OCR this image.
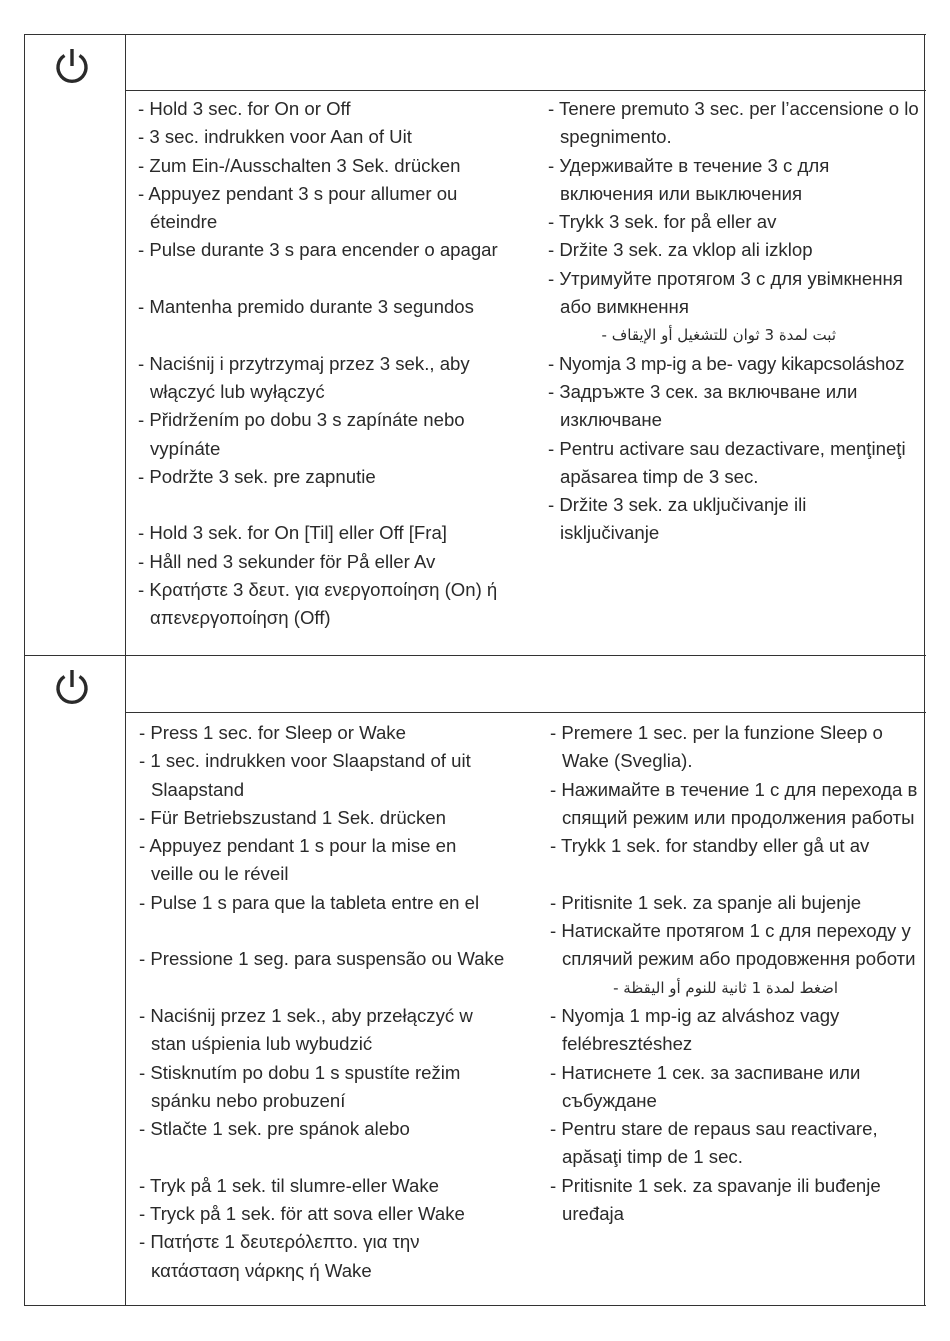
- Hold 3 sec. for On or Off
- 3 sec. indrukken voor Aan of Uit
- Zum Ein-/Ausschalten 3 Sek. drücken
- Appuyez pendant 3 s pour allumer ou éteindre
- Pulse durante 3 s para encender o apagar
- Mantenha premido durante 3 segundos
- Naciśnij i przytrzymaj przez 3 sek., aby włączyć lub wyłączyć
- Přidržením po dobu 3 s zapínáte nebo vypínáte
- Podržte 3 sek. pre zapnutie
- Hold 3 sek. for On [Til] eller Off [Fra]
- Håll ned 3 sekunder för På eller Av
- Κρατήστε 3 δευτ. για ενεργοποίηση (On) ή απενεργοποίηση (Off)
- Tenere premuto 3 sec. per l’accensione o lo spegnimento.
- Удерживайте в течение 3 с для включения или выключения
- Trykk 3 sek. for på eller av
- Držite 3 sek. za vklop ali izklop
- Утримуйте протягом 3 с для увімкнення або вимкнення
ثبت لمدة 3 ثوان للتشغيل أو الإيقاف -
- Nyomja 3 mp-ig a be- vagy kikapcsoláshoz
- Задръжте 3 сек. за включване или изключване
- Pentru activare sau dezactivare, menţineţi apăsarea timp de 3 sec.
- Držite 3 sek. za uključivanje ili isključivanje
- Press 1 sec. for Sleep or Wake
- 1 sec. indrukken voor Slaapstand of uit Slaapstand
- Für Betriebszustand 1 Sek. drücken
- Appuyez pendant 1 s pour la mise en veille ou le réveil
- Pulse 1 s para que la tableta entre en el
- Pressione 1 seg. para suspensão ou Wake
- Naciśnij przez 1 sek., aby przełączyć w stan uśpienia lub wybudzić
- Stisknutím po dobu 1 s spustíte režim spánku nebo probuzení
- Stlačte 1 sek. pre spánok alebo
- Tryk på 1 sek. til slumre-eller Wake
- Tryck på 1 sek. för att sova eller Wake
- Πατήστε 1 δευτερόλεπτο. για την κατάσταση νάρκης ή Wake
- Premere 1 sec. per la funzione Sleep o Wake (Sveglia).
- Нажимайте в течение 1 с для перехода в спящий режим или продолжения работы
- Trykk 1 sek. for standby eller gå ut av
- Pritisnite 1 sek. za spanje ali bujenje
- Натискайте протягом 1 с для переходу у сплячий режим або продовження роботи
اضغط لمدة 1 ثانية للنوم أو اليقظة -
- Nyomja 1 mp-ig az alváshoz vagy felébresztéshez
- Натиснете 1 сек. за заспиване или събуждане
- Pentru stare de repaus sau reactivare, apăsaţi timp de 1 sec.
- Pritisnite 1 sek. za spavanje ili buđenje uređaja
